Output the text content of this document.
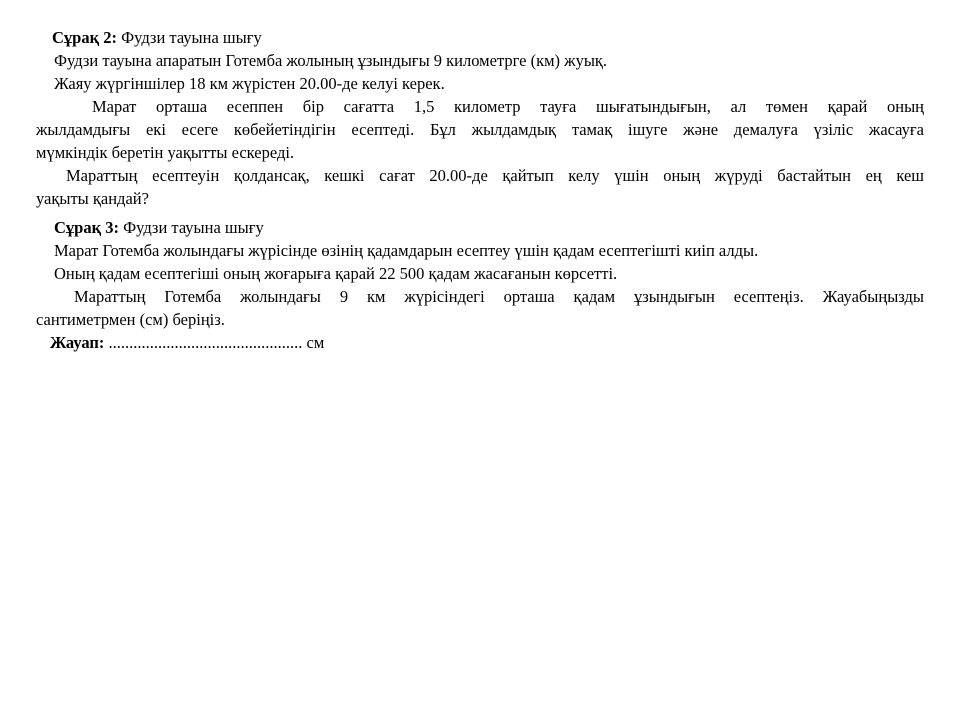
Сұрақ 2: Фудзи тауына шығу

Фудзи тауына апаратын Готемба жолының ұзындығы 9 километрге (км) жуық.

Жаяу жүргіншілер 18 км жүрістен 20.00-де келуі керек.

Марат орташа есеппен бір сағатта 1,5 километр тауға шығатындығын, ал төмен қарай оның

жылдамдығы екі есеге көбейетіндігін есептеді. Бұл жылдамдық тамақ ішуге және демалуға үзіліс жасауға

мүмкіндік беретін уақытты ескереді.

Мараттың есептеуін қолдансақ, кешкі сағат 20.00-де қайтып келу үшін оның жүруді бастайтын ең кеш

уақыты қандай?

Сұрақ 3: Фудзи тауына шығу

Марат Готемба жолындағы жүрісінде өзінің қадамдарын есептеу үшін қадам есептегішті киіп алды.

Оның қадам есептегіші оның жоғарыға қарай 22 500 қадам жасағанын көрсетті.

Мараттың Готемба жолындағы 9 км жүрісіндегі орташа қадам ұзындығын есептеңіз. Жауабыңызды

сантиметрмен (см) беріңіз.

Жауап: ............................................... см
